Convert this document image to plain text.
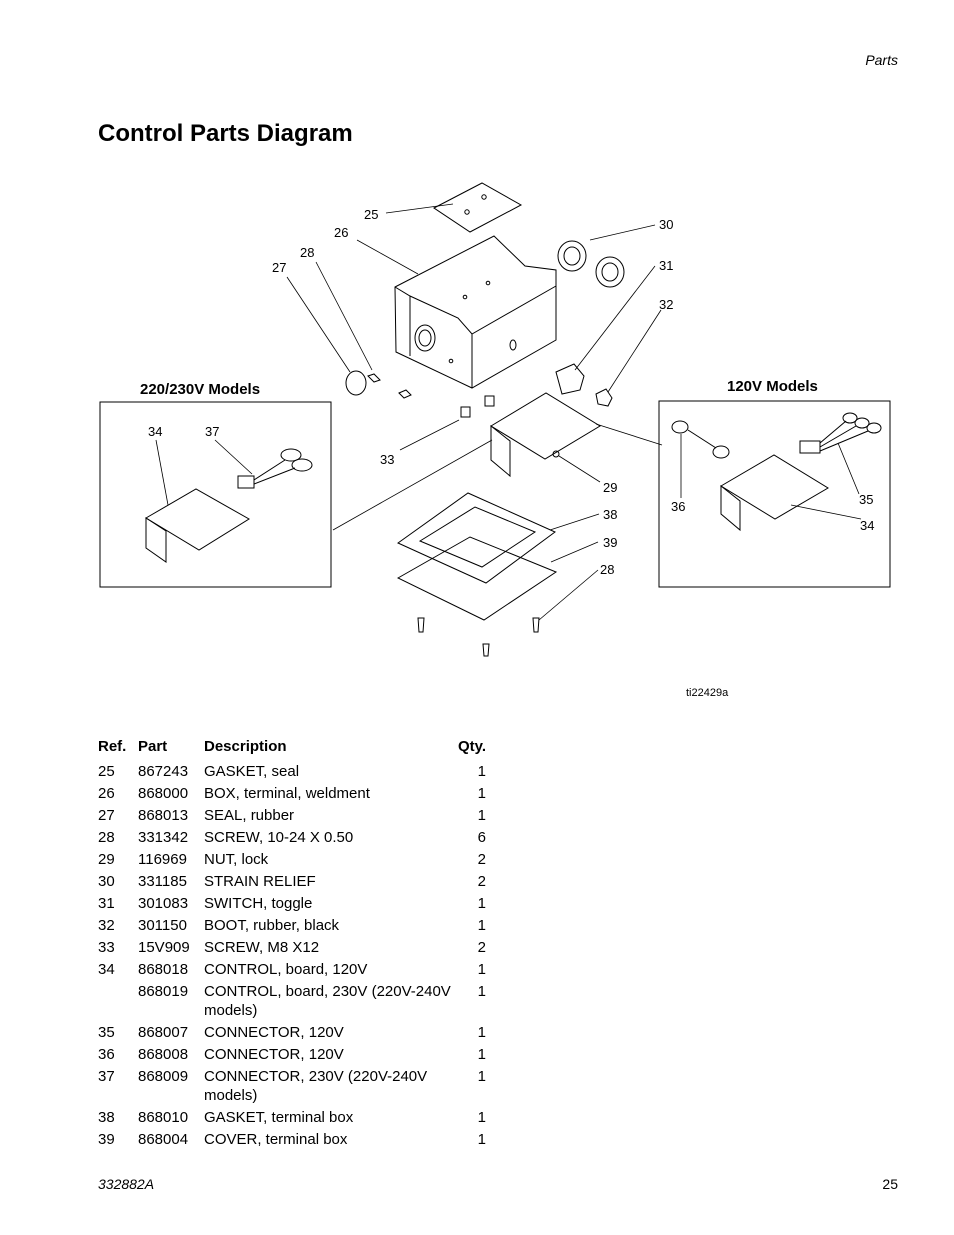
Parts
Control Parts Diagram
25
26
28
27
30
31
32
33
29
38
39
28
34	37
36	35
34
220/230V Models	120V Models
ti22429a
Ref.	Part	Description	Qty.
25	867243	GASKET, seal	1
26	868000	BOX, terminal, weldment	1
27	868013	SEAL, rubber	1
28	331342	SCREW, 10-24 X 0.50	6
29	116969	NUT, lock	2
30	331185	STRAIN RELIEF	2
31	301083	SWITCH, toggle	1
32	301150	BOOT, rubber, black	1
33	15V909	SCREW, M8 X12	2
34	868018	CONTROL, board, 120V	1
	868019	CONTROL, board, 230V (220V-240V models)	1
35	868007	CONNECTOR, 120V	1
36	868008	CONNECTOR, 120V	1
37	868009	CONNECTOR, 230V (220V-240V models)	1
38	868010	GASKET, terminal box	1
39	868004	COVER, terminal box	1
332882A	25
